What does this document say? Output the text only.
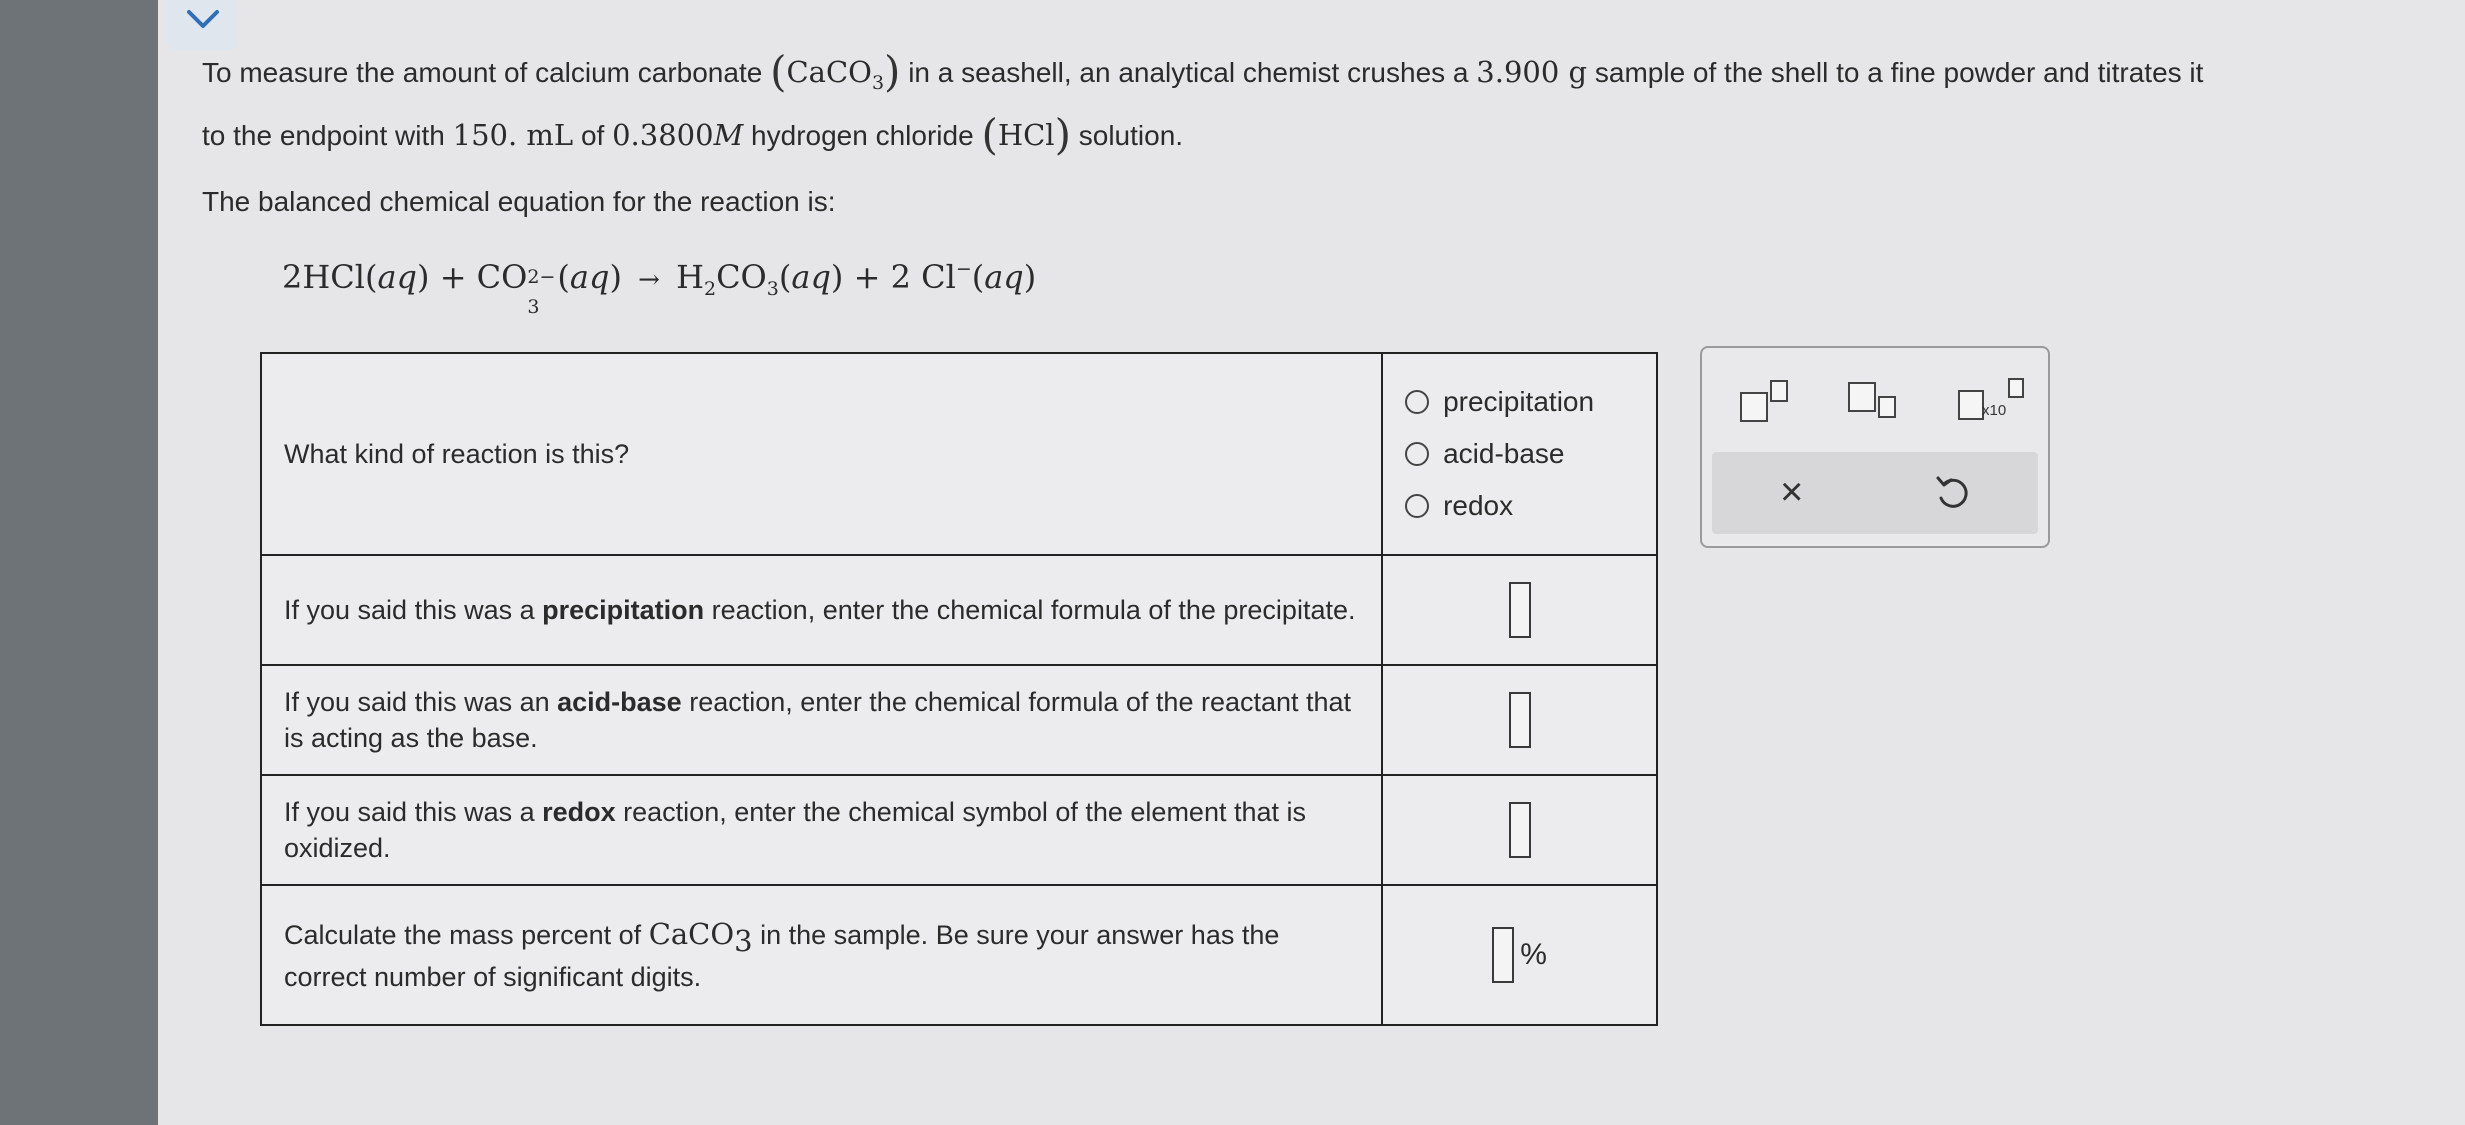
To measure the amount of calcium carbonate (CaCO$_3$) in a seashell, an analytical chemist crushes a 3.900 g sample of the shell to a fine powder and titrates it
to the endpoint with 150. mL of 0.3800M hydrogen chloride (HCl) solution.
The balanced chemical equation for the reaction is:
2HCl(aq) + CO 2−
3
$(aq) \to H_2CO_3(aq) + 2$ Cl−(aq)
What kind of reaction is this?	precipitation
acid-base
redox

If you said this was a precipitation reaction, enter the chemical formula of the precipitate.	
If you said this was an acid-base reaction, enter the chemical formula of the reactant that is acting as the base.	
If you said this was a redox reaction, enter the chemical symbol of the element that is oxidized.	
Calculate the mass percent of CaCO$_3$ in the sample. Be sure your answer has the correct number of significant digits.	%
x10
×
